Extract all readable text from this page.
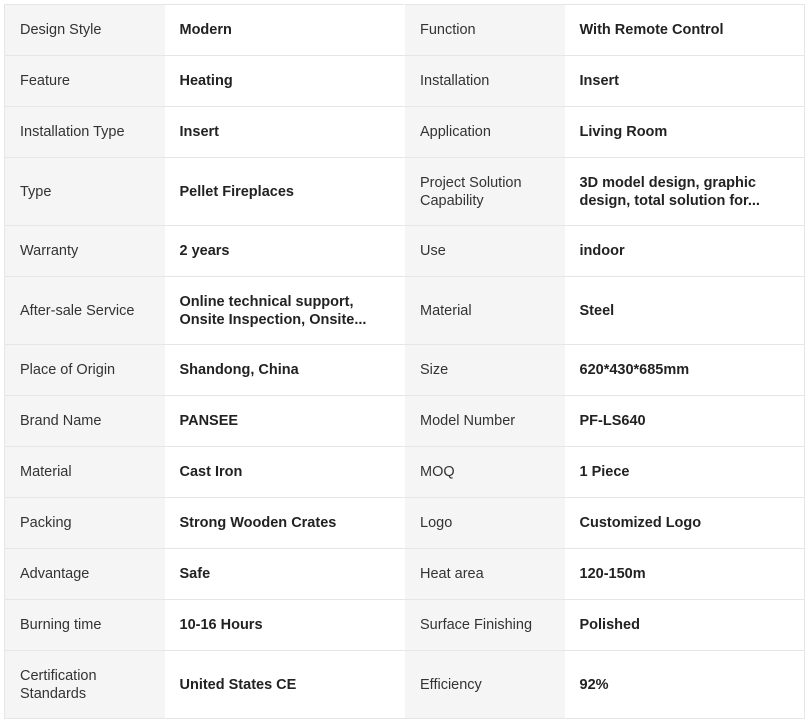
Design Style	Modern	Function	With Remote Control
Feature	Heating	Installation	Insert
Installation Type	Insert	Application	Living Room
Type	Pellet Fireplaces	Project Solution Capability	3D model design, graphic design, total solution for...

Warranty	2 years	Use	indoor
After-sale Service	Online technical support, Onsite Inspection, Onsite...	Material	Steel
Place of Origin	Shandong, China	Size	620*430*685mm
Brand Name	PANSEE	Model Number	PF-LS640
Material	Cast Iron	MOQ	1 Piece
Packing	Strong Wooden Crates	Logo	Customized Logo
Advantage	Safe	Heat area	120-150m
Burning time	10-16 Hours	Surface Finishing	Polished

Certification Standards	United States CE	Efficiency	92%
